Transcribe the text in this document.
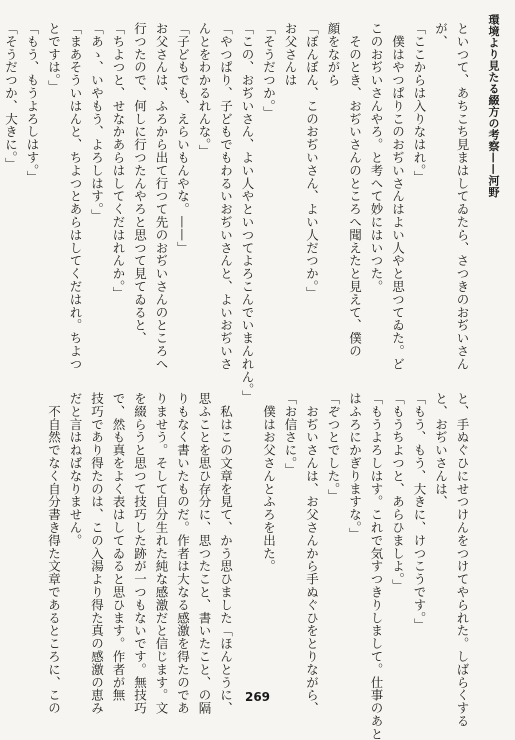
環境より見たる綴方の考察——河野

といつて、あちこち見まはしてゐたら、さつきのおぢいさん

が、

「ここからは入りなはれ。」

　僕はやつぱりこのおぢいさんはよい人やと思つてゐた。ど

このおぢいさんやろ。と考へて妙にはいつた。

　そのとき、おぢいさんのところへ聞えたと見えて、僕の

顔をながら

「ぼんぼん、このおぢいさん、よい人だつか。」

お父さんは

「そうだつか。」

「この、おぢいさん、よい人やといつてよろこんでいまんれん。」

「やつぱり、子どもでもわるいおぢいさんと、よいおぢいさ

んとをわかるれんな。」

「子どもでも、えらいもんやな。——」

お父さんは、ふろから出て行つて先のおぢいさんのところへ

行つたので、何しに行つたんやろと思つて見てゐると、

「ちよつと、せなかあらはしてくだはれんか。」

「あゝ、いやもう、よろしはす。」

「まあそういはんと、ちよつとあらはしてくだはれ。ちよつ

とですは。」

「もう、もうよろしはす。」

「そうだつか、大きに。」

と、手ぬぐひにせつけんをつけてやられた。しばらくする

と、おぢいさんは、

「もう、もう、大きに、けつこうです。」

「もうちよつと、あらひましよ。」

「もうよろしはす。これで気すつきりしまして。仕事のあと

はふろにかぎりますな。」

「ぞつとでした。」

　おぢいさんは、お父さんから手ぬぐひをとりながら、

「お信さに。」

　僕はお父さんとふろを出た。

　私はこの文章を見て、かう思ひました「ほんとうに、

思ふことを思ひ存分に、思つたこと、書いたこと、の隔

りもなく書いたものだ。作者は大なる感激を得たのであ

りませう。そして自分生れた純な感激だと信じます。文

を綴らうと思つて技巧した跡が一つもないです。無技巧

で、然も真をよく表はしてゐると思ひます。作者が無

技巧であり得たのは、この入湯より得た真の感激の恵み

だと言はねばなりません。

　不自然でなく自分書き得た文章であるところに、この	269
